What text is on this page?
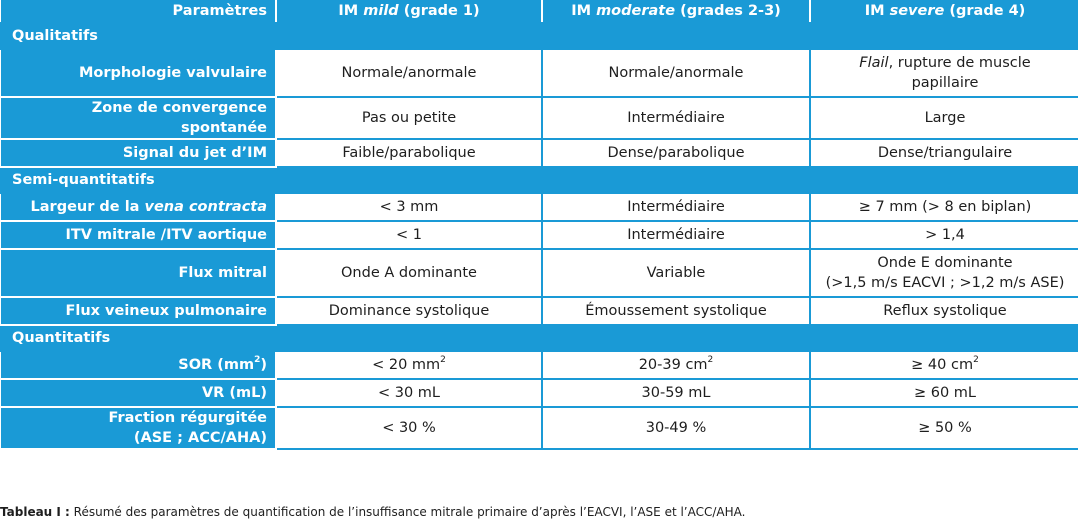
Paramètres	IM mild (grade 1)	IM moderate (grades 2-3)	IM severe (grade 4)
Qualitatifs			
Morphologie valvulaire	Normale/anormale	Normale/anormale	Flail, rupture de muscle
papillaire

Zone de convergence spontanée	Pas ou petite	Intermédiaire	Large
Signal du jet d’IM	Faible/parabolique	Dense/parabolique	Dense/triangulaire
Semi-quantitatifs			
Largeur de la vena contracta	< 3 mm	Intermédiaire	≥ 7 mm (> 8 en biplan)
ITV mitrale /ITV aortique	< 1	Intermédiaire	> 1,4
Flux mitral	Onde A dominante	Variable	Onde E dominante
(>1,5 m/s EACVI ; >1,2 m/s ASE)

Flux veineux pulmonaire	Dominance systolique	Émoussement systolique	Reflux systolique
Quantitatifs			
SOR $(mm^2)$	< 20 $mm^2$	20-39 $cm^2$	≥ 40 $cm^2$
VR (mL)	< 30 mL	30-59 mL	≥ 60 mL

Fraction régurgitée
(ASE ; ACC/AHA)	< 30 %	30-49 %	≥ 50 %
Tableau I : Résumé des paramètres de quantification de l’insuffisance mitrale primaire d’après l’EACVI, l’ASE et l’ACC/AHA.
